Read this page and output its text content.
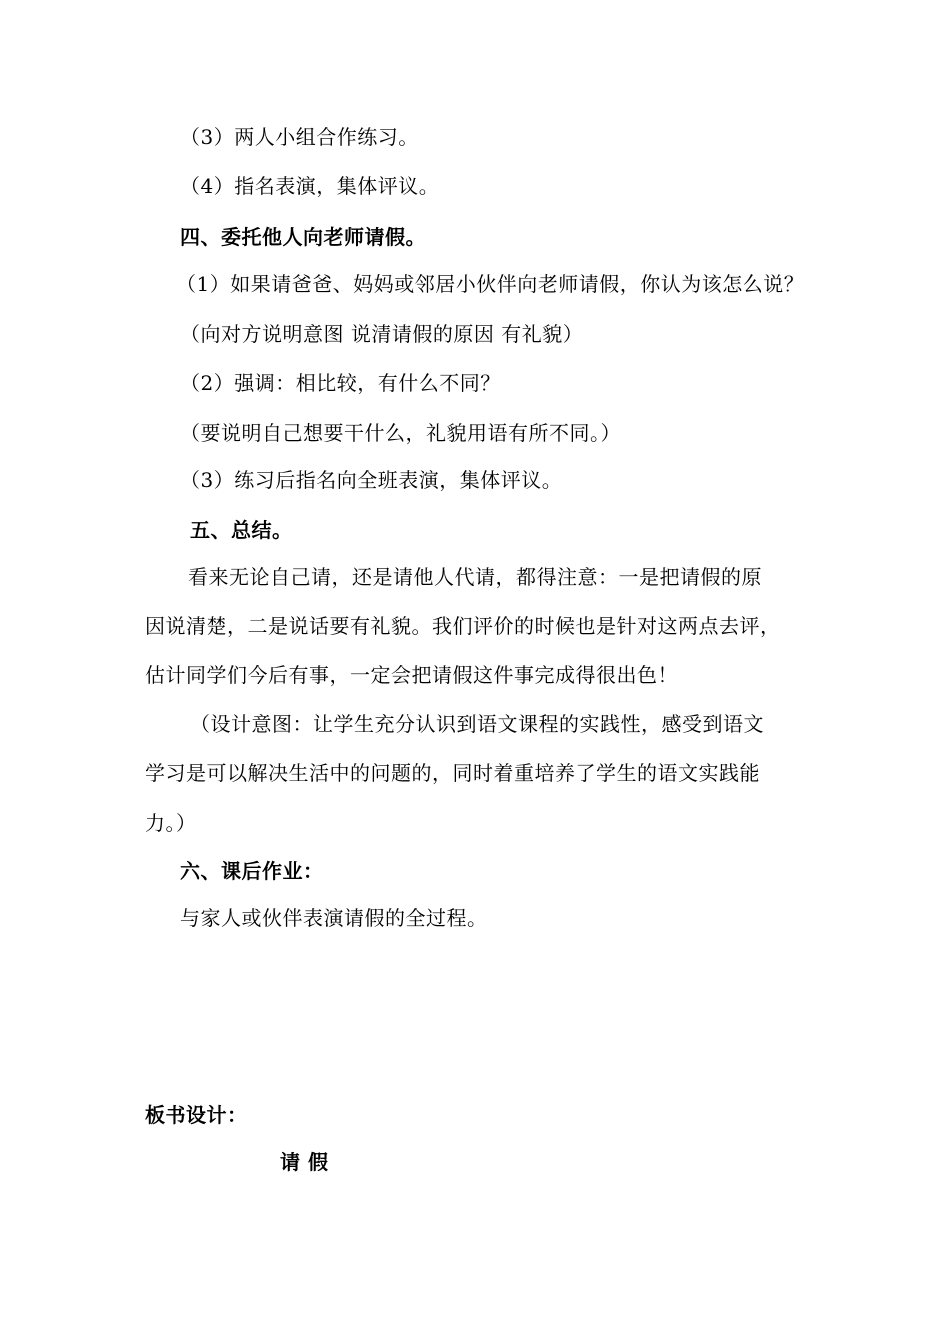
（3）两人小组合作练习。
（4）指名表演，集体评议。
四、委托他人向老师请假。
（1）如果请爸爸、妈妈或邻居小伙伴向老师请假，你认为该怎么说？
（向对方说明意图 说清请假的原因 有礼貌）
（2）强调：相比较，有什么不同？
（要说明自己想要干什么，礼貌用语有所不同。）
（3）练习后指名向全班表演，集体评议。
五、总结。
看来无论自己请，还是请他人代请，都得注意：一是把请假的原
因说清楚，二是说话要有礼貌。我们评价的时候也是针对这两点去评，
估计同学们今后有事，一定会把请假这件事完成得很出色！
（设计意图：让学生充分认识到语文课程的实践性，感受到语文
学习是可以解决生活中的问题的，同时着重培养了学生的语文实践能
力。）
六、课后作业：
与家人或伙伴表演请假的全过程。
板书设计：
请 假
